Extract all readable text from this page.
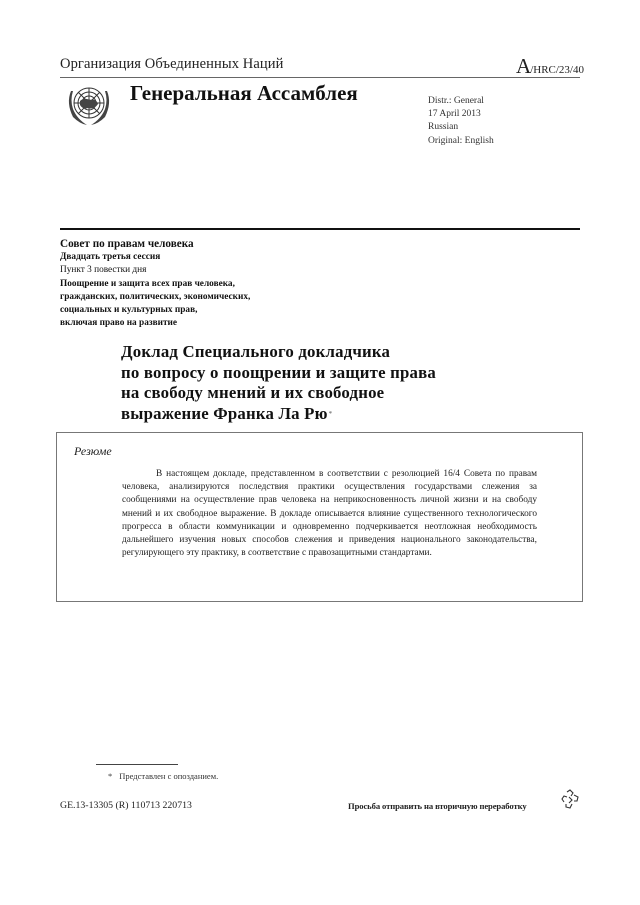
Организация Объединенных Наций	A/HRC/23/40
Генеральная Ассамблея	Distr.: General
17 April 2013
Russian
Original: English
Совет по правам человека
Двадцать третья сессия
Пункт 3 повестки дня
Поощрение и защита всех прав человека,
гражданских, политических, экономических,
социальных и культурных прав,
включая право на развитие
Доклад Специального докладчика
по вопросу о поощрении и защите права
на свободу мнений и их свободное
выражение Франка Ла Рю*
Резюме
В настоящем докладе, представленном в соответствии с резолюцией 16/4 Совета по правам человека, анализируются последствия практики осуществления государствами слежения за сообщениями на осуществление прав человека на неприкосновенность личной жизни и на свободу мнений и их свободное выражение. В докладе описывается влияние существенного технологического прогресса в области коммуникации и одновременно подчеркивается неотложная необходимость дальнейшего изучения новых способов слежения и приведения национального законодательства, регулирующего эту практику, в соответствие с правозащитными стандартами.
* Представлен с опозданием.
GE.13-13305 (R) 110713 220713	Просьба отправить на вторичную переработку
